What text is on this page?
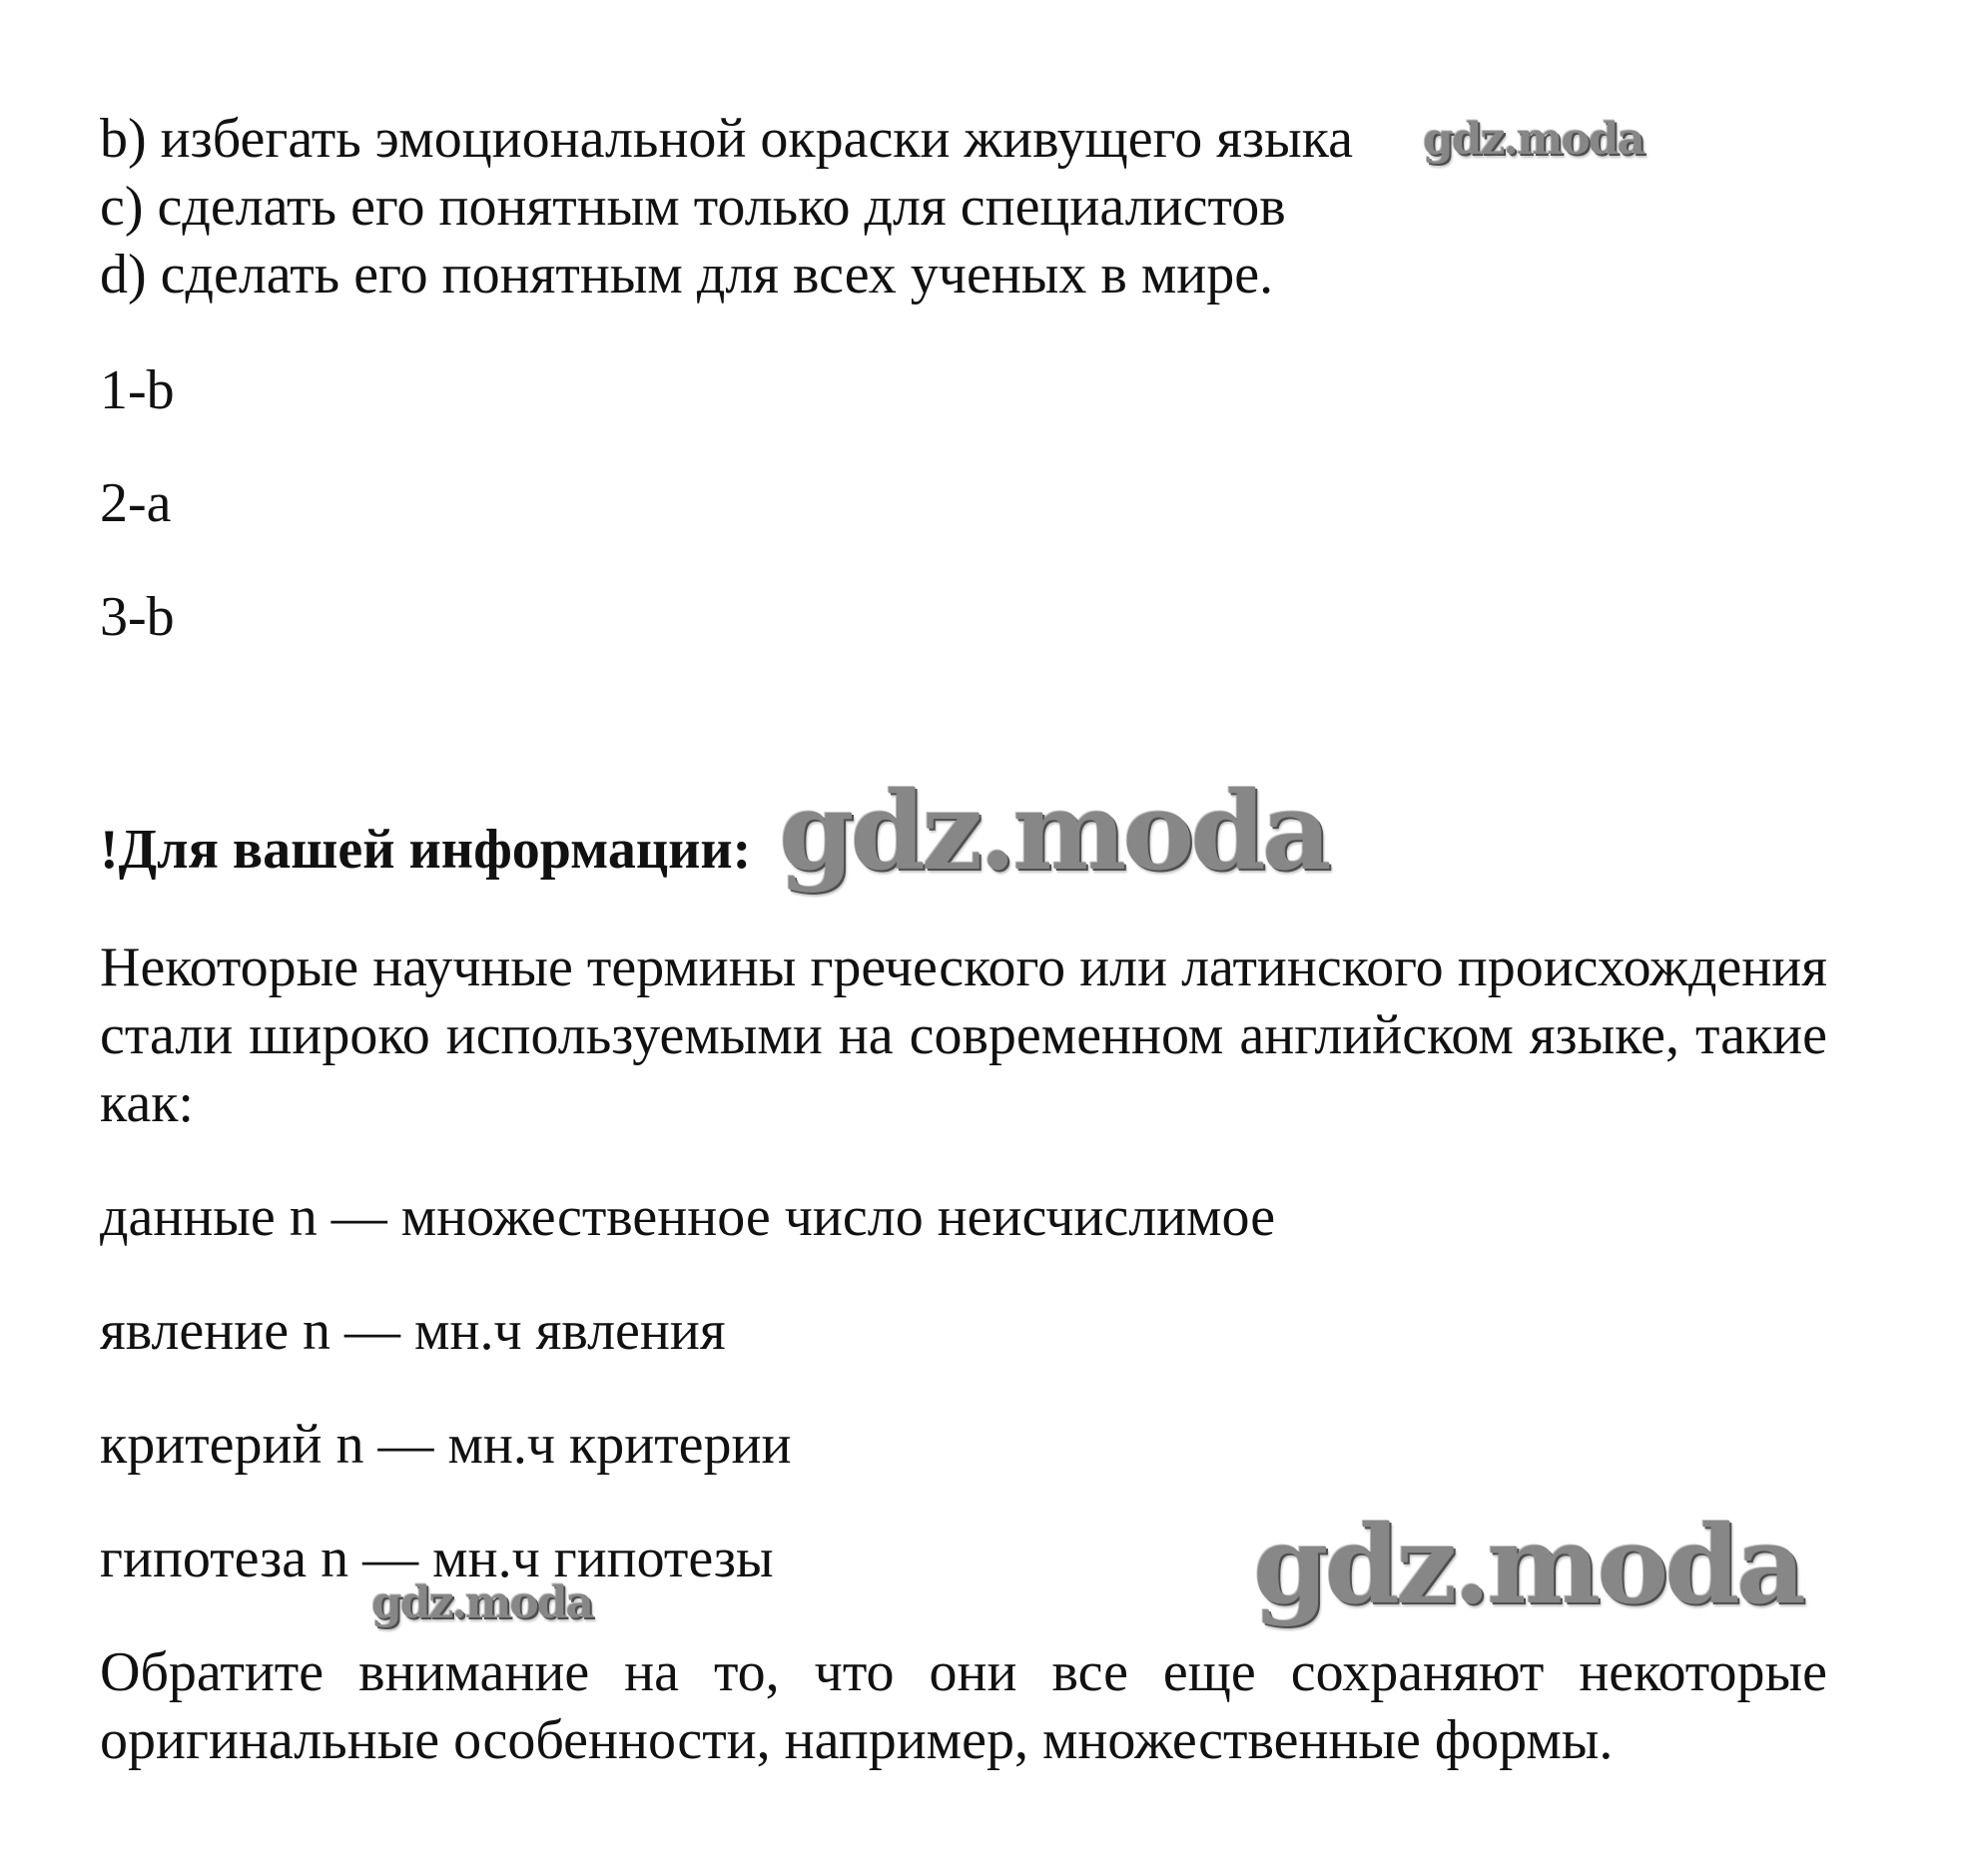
b) избегать эмоциональной окраски живущего языка
c) сделать его понятным только для специалистов
d) сделать его понятным для всех ученых в мире.
1-b
2-a
3-b
!Для вашей информации:
Некоторые научные термины греческого или латинского происхождения стали широко используемыми на современном английском языке, такие как:
данные n — множественное число неисчислимое
явление n — мн.ч явления
критерий n — мн.ч критерии
гипотеза n — мн.ч гипотезы
Обратите внимание на то, что они все еще сохраняют некоторые оригинальные особенности, например, множественные формы.
gdz.moda
gdz.moda
gdz.moda
gdz.moda
